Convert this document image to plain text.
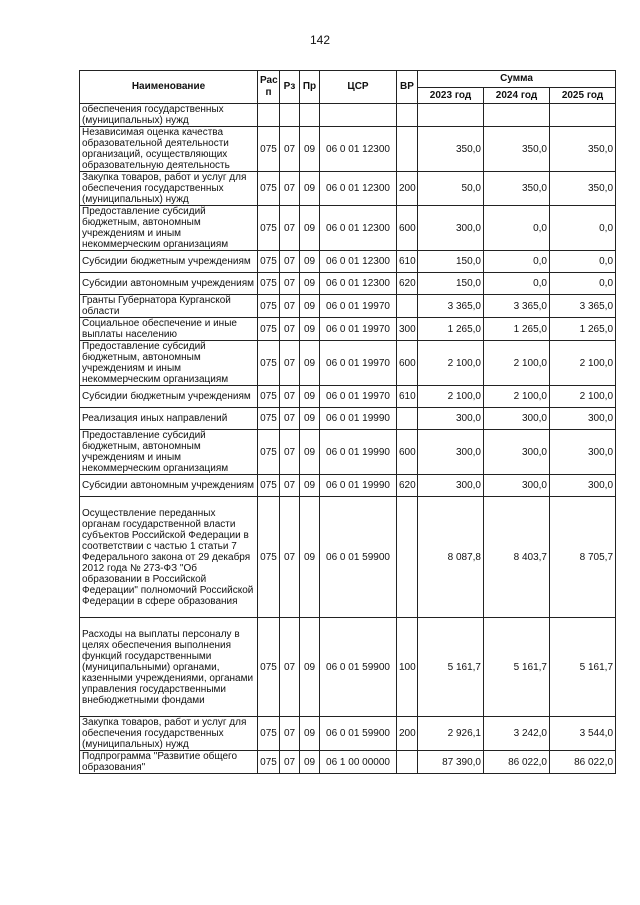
142
Наименование	Рас п	Рз	Пр	ЦСР	ВР	Сумма		
						2023 год	2024 год	2025 год
обеспечения государственных (муниципальных) нужд								
Независимая оценка качества образовательной деятельности организаций, осуществляющих образовательную деятельность	075	07	09	06 0 01 12300		350,0	350,0	350,0
Закупка товаров, работ и услуг для обеспечения государственных (муниципальных) нужд	075	07	09	06 0 01 12300	200	50,0	350,0	350,0
Предоставление субсидий бюджетным, автономным учреждениям и иным некоммерческим организациям	075	07	09	06 0 01 12300	600	300,0	0,0	0,0
Субсидии бюджетным учреждениям	075	07	09	06 0 01 12300	610	150,0	0,0	0,0
Субсидии автономным учреждениям	075	07	09	06 0 01 12300	620	150,0	0,0	0,0
Гранты Губернатора Курганской области	075	07	09	06 0 01 19970		3 365,0	3 365,0	3 365,0
Социальное обеспечение и иные выплаты населению	075	07	09	06 0 01 19970	300	1 265,0	1 265,0	1 265,0
Предоставление субсидий бюджетным, автономным учреждениям и иным некоммерческим организациям	075	07	09	06 0 01 19970	600	2 100,0	2 100,0	2 100,0
Субсидии бюджетным учреждениям	075	07	09	06 0 01 19970	610	2 100,0	2 100,0	2 100,0
Реализация иных направлений	075	07	09	06 0 01 19990		300,0	300,0	300,0
Предоставление субсидий бюджетным, автономным учреждениям и иным некоммерческим организациям	075	07	09	06 0 01 19990	600	300,0	300,0	300,0
Субсидии автономным учреждениям	075	07	09	06 0 01 19990	620	300,0	300,0	300,0
Осуществление переданных органам государственной власти субъектов Российской Федерации в соответствии с частью 1 статьи 7 Федерального закона от 29 декабря 2012 года № 273-ФЗ "Об образовании в Российской Федерации" полномочий Российской Федерации в сфере образования	075	07	09	06 0 01 59900		8 087,8	8 403,7	8 705,7
Расходы на выплаты персоналу в целях обеспечения выполнения функций государственными (муниципальными) органами, казенными учреждениями, органами управления государственными внебюджетными фондами	075	07	09	06 0 01 59900	100	5 161,7	5 161,7	5 161,7
Закупка товаров, работ и услуг для обеспечения государственных (муниципальных) нужд	075	07	09	06 0 01 59900	200	2 926,1	3 242,0	3 544,0
Подпрограмма "Развитие общего образования"	075	07	09	06 1 00 00000		87 390,0	86 022,0	86 022,0
